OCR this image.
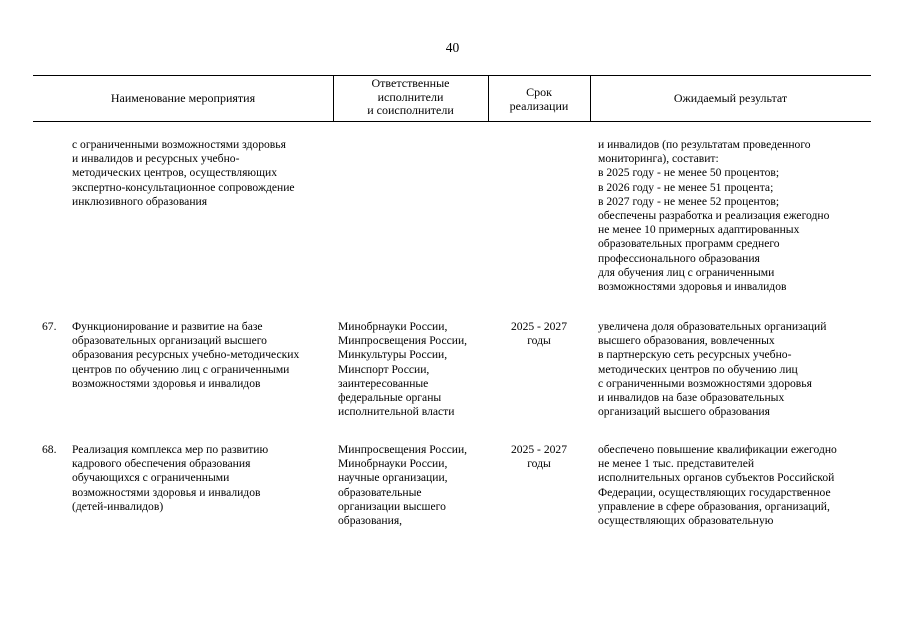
40
Наименование мероприятия
Ответственные
исполнители
и соисполнители
Срок
реализации
Ожидаемый результат
с ограниченными возможностями здоровья
и инвалидов и ресурсных учебно-
методических центров, осуществляющих
экспертно-консультационное сопровождение
инклюзивного образования
и инвалидов (по результатам проведенного
мониторинга), составит:
в 2025 году - не менее 50 процентов;
в 2026 году - не менее 51 процента;
в 2027 году - не менее 52 процентов;
обеспечены разработка и реализация ежегодно
не менее 10 примерных адаптированных
образовательных программ среднего
профессионального образования
для обучения лиц с ограниченными
возможностями здоровья и инвалидов
67. Функционирование и развитие на базе
образовательных организаций высшего
образования ресурсных учебно-методических
центров по обучению лиц с ограниченными
возможностями здоровья и инвалидов
Минобрнауки России,
Минпросвещения России,
Минкультуры России,
Минспорт России,
заинтересованные
федеральные органы
исполнительной власти
2025 - 2027
годы
увеличена доля образовательных организаций
высшего образования, вовлеченных
в партнерскую сеть ресурсных учебно-
методических центров по обучению лиц
с ограниченными возможностями здоровья
и инвалидов на базе образовательных
организаций высшего образования
68. Реализация комплекса мер по развитию
кадрового обеспечения образования
обучающихся с ограниченными
возможностями здоровья и инвалидов
(детей-инвалидов)
Минпросвещения России,
Минобрнауки России,
научные организации,
образовательные
организации высшего
образования,
2025 - 2027
годы
обеспечено повышение квалификации ежегодно
не менее 1 тыс. представителей
исполнительных органов субъектов Российской
Федерации, осуществляющих государственное
управление в сфере образования, организаций,
осуществляющих образовательную
